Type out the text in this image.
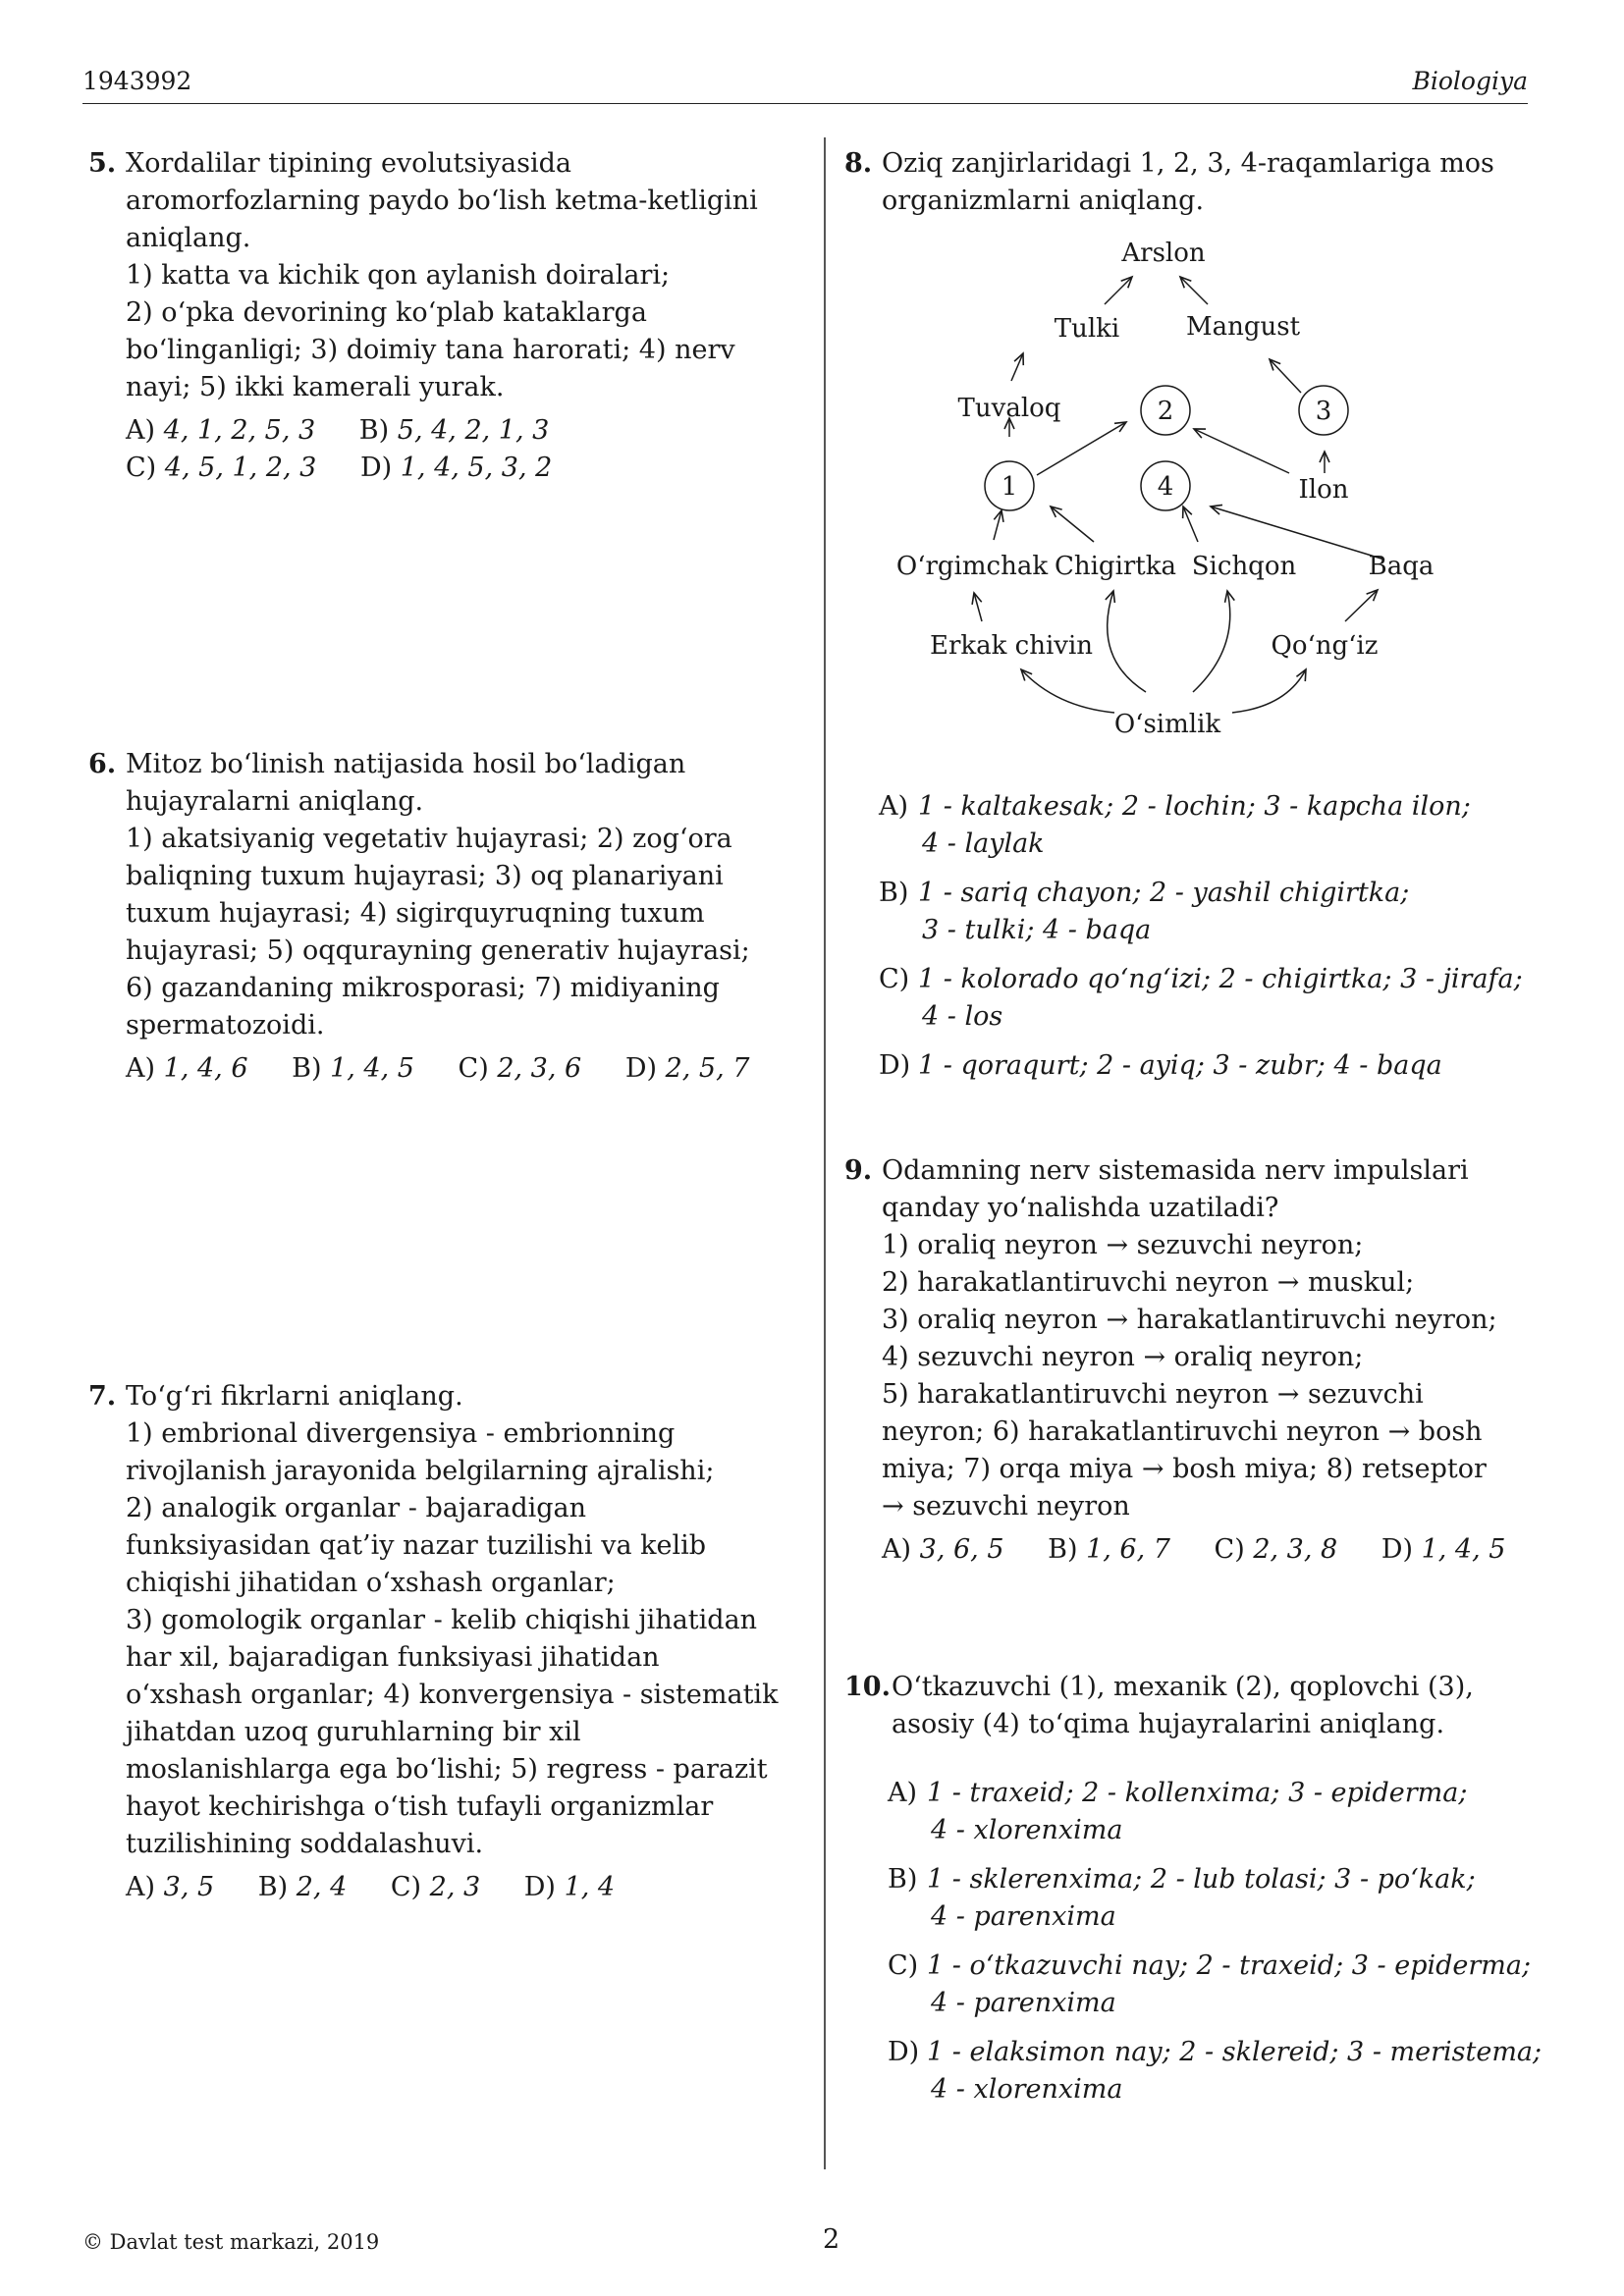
1943992	Biologiya
5. Xordalilar tipining evolutsiyasida
aromorfozlarning paydo bo‘lish ketma-ketligini
aniqlang.
1) katta va kichik qon aylanish doiralari;
2) o‘pka devorining ko‘plab kataklarga
bo‘linganligi; 3) doimiy tana harorati; 4) nerv
nayi; 5) ikki kamerali yurak.
A) 4, 1, 2, 5, 3 B) 5, 4, 2, 1, 3
C) 4, 5, 1, 2, 3 D) 1, 4, 5, 3, 2
6. Mitoz bo‘linish natijasida hosil bo‘ladigan
hujayralarni aniqlang.
1) akatsiyanig vegetativ hujayrasi; 2) zog‘ora
baliqning tuxum hujayrasi; 3) oq planariyani
tuxum hujayrasi; 4) sigirquyruqning tuxum
hujayrasi; 5) oqqurayning generativ hujayrasi;
6) gazandaning mikrosporasi; 7) midiyaning
spermatozoidi.
A) 1, 4, 6 B) 1, 4, 5 C) 2, 3, 6 D) 2, 5, 7
7. To‘g‘ri fikrlarni aniqlang.
1) embrional divergensiya - embrionning
rivojlanish jarayonida belgilarning ajralishi;
2) analogik organlar - bajaradigan
funksiyasidan qat’iy nazar tuzilishi va kelib
chiqishi jihatidan o‘xshash organlar;
3) gomologik organlar - kelib chiqishi jihatidan
har xil, bajaradigan funksiyasi jihatidan
o‘xshash organlar; 4) konvergensiya - sistematik
jihatdan uzoq guruhlarning bir xil
moslanishlarga ega bo‘lishi; 5) regress - parazit
hayot kechirishga o‘tish tufayli organizmlar
tuzilishining soddalashuvi.
A) 3, 5 B) 2, 4 C) 2, 3 D) 1, 4
8. Oziq zanjirlaridagi 1, 2, 3, 4-raqamlariga mos
organizmlarni aniqlang.
Arslon
Tulki	Mangust
Tuvaloq
1
2	3
4	Ilon
O‘rgimchak Chigirtka Sichqon	Baqa
Erkak chivin	Qo‘ng‘iz
O‘simlik
A) 1 - kaltakesak; 2 - lochin; 3 - kapcha ilon;
4 - laylak
B) 1 - sariq chayon; 2 - yashil chigirtka;
3 - tulki; 4 - baqa
C) 1 - kolorado qo‘ng‘izi; 2 - chigirtka; 3 - jirafa;
4 - los
D) 1 - qoraqurt; 2 - ayiq; 3 - zubr; 4 - baqa
9. Odamning nerv sistemasida nerv impulslari
qanday yo‘nalishda uzatiladi?
1) oraliq neyron → sezuvchi neyron;
2) harakatlantiruvchi neyron → muskul;
3) oraliq neyron → harakatlantiruvchi neyron;
4) sezuvchi neyron → oraliq neyron;
5) harakatlantiruvchi neyron → sezuvchi
neyron; 6) harakatlantiruvchi neyron → bosh
miya; 7) orqa miya → bosh miya; 8) retseptor
→ sezuvchi neyron
A) 3, 6, 5 B) 1, 6, 7 C) 2, 3, 8 D) 1, 4, 5
10. O‘tkazuvchi (1), mexanik (2), qoplovchi (3),
asosiy (4) to‘qima hujayralarini aniqlang.
A) 1 - traxeid; 2 - kollenxima; 3 - epiderma;
4 - xlorenxima
B) 1 - sklerenxima; 2 - lub tolasi; 3 - po‘kak;
4 - parenxima
C) 1 - o‘tkazuvchi nay; 2 - traxeid; 3 - epiderma;
4 - parenxima
D) 1 - elaksimon nay; 2 - sklereid; 3 - meristema;
4 - xlorenxima
© Davlat test markazi, 2019	2
